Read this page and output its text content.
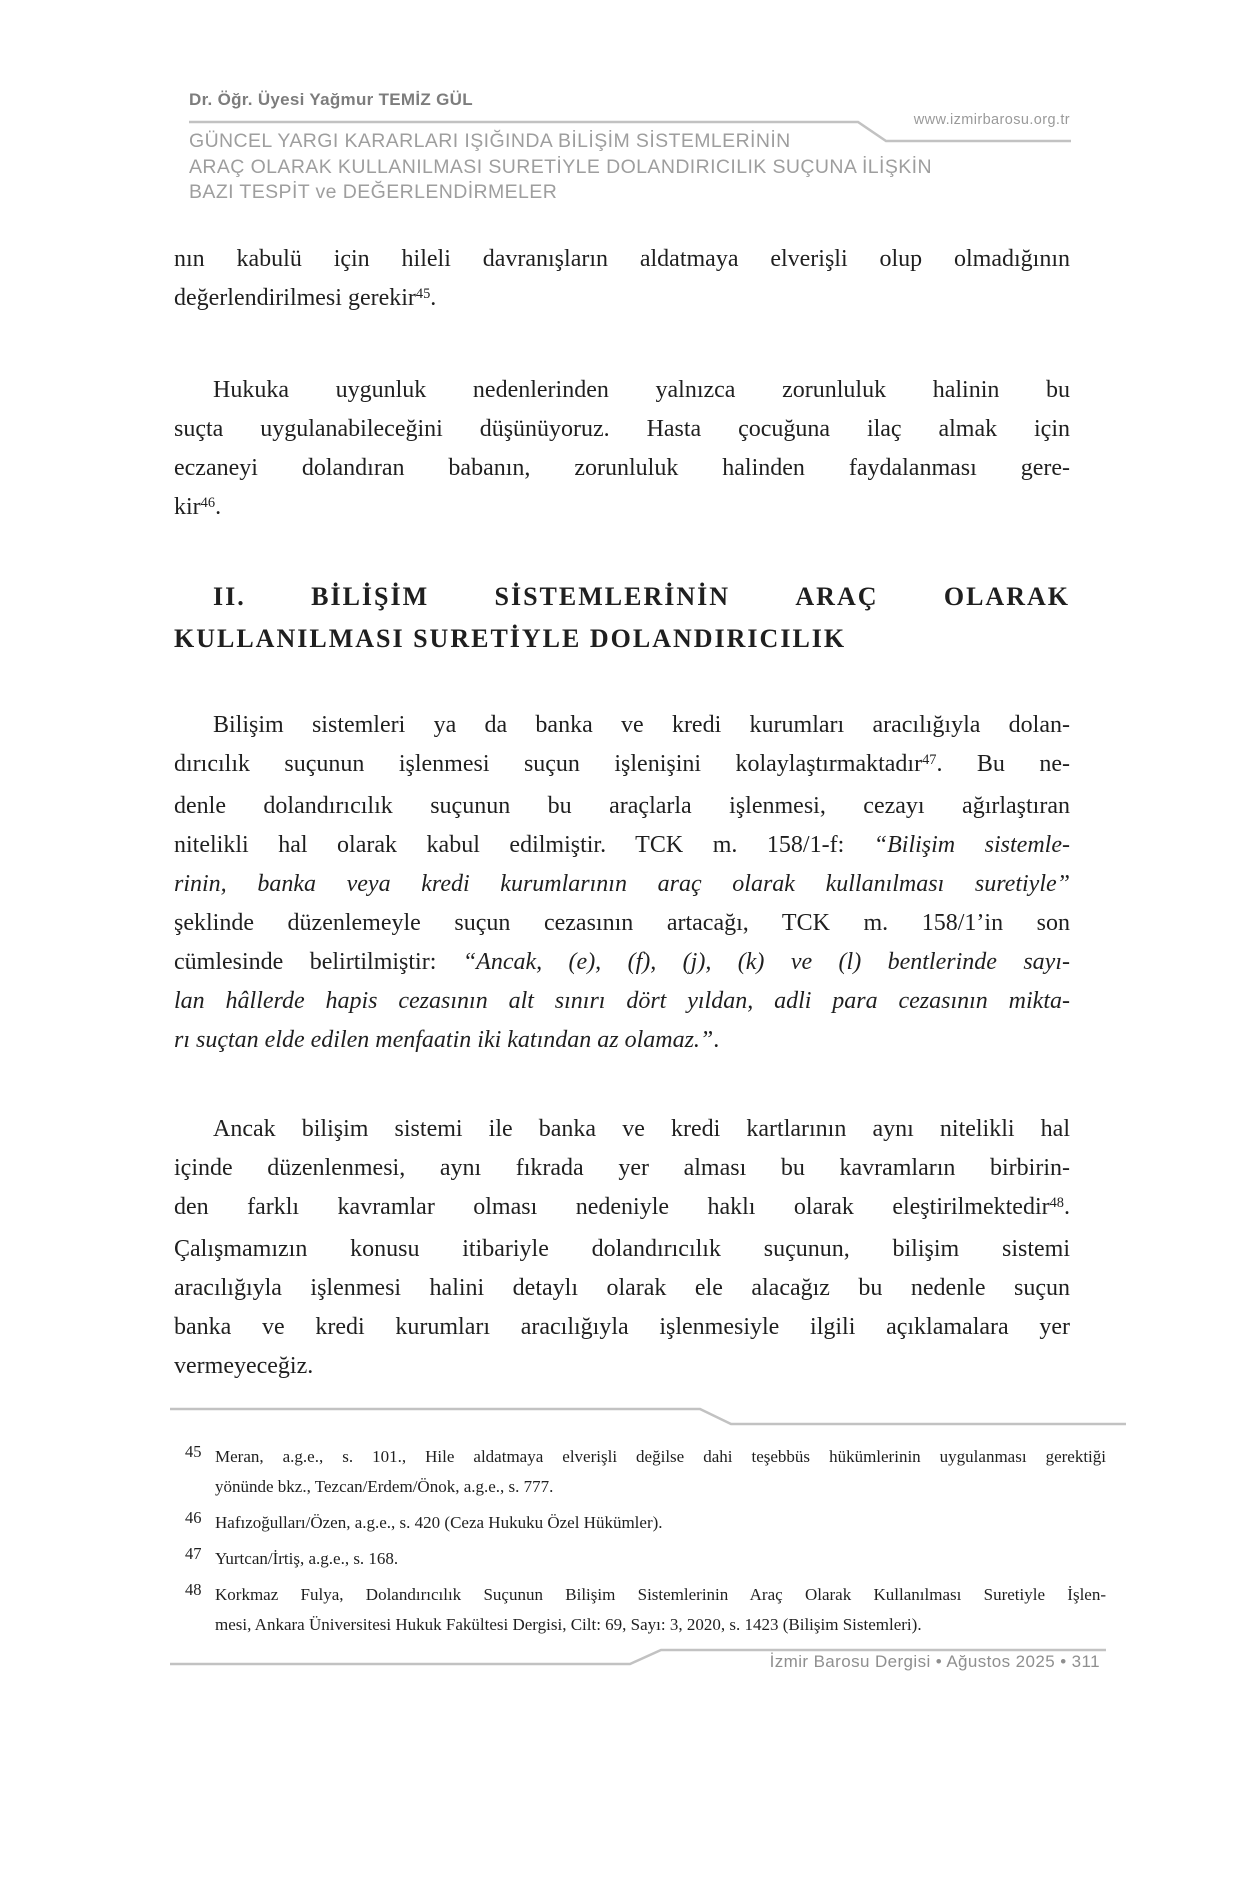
Dr. Öğr. Üyesi Yağmur TEMİZ GÜL
www.izmirbarosu.org.tr
GÜNCEL YARGI KARARLARI IŞIĞINDA BİLİŞİM SİSTEMLERİNİN
ARAÇ OLARAK KULLANILMASI SURETİYLE DOLANDIRICILIK SUÇUNA İLİŞKİN
BAZI TESPİT ve DEĞERLENDİRMELER
nın kabulü için hileli davranışların aldatmaya elverişli olup olmadığının
değerlendirilmesi gerekir$^{45}$.
Hukuka uygunluk nedenlerinden yalnızca zorunluluk halinin bu
suçta uygulanabileceğini düşünüyoruz. Hasta çocuğuna ilaç almak için
eczaneyi dolandıran babanın, zorunluluk halinden faydalanması gere-
kir$^{46}$.
II.	BİLİŞİM	SİSTEMLERİNİN	ARAÇ	OLARAK
KULLANILMASI SURETİYLE DOLANDIRICILIK
Bilişim sistemleri ya da banka ve kredi kurumları aracılığıyla dolan-
dırıcılık suçunun işlenmesi suçun işlenişini kolaylaştırmaktadır$^{47}$. Bu ne-
denle dolandırıcılık suçunun bu araçlarla işlenmesi, cezayı ağırlaştıran
nitelikli hal olarak kabul edilmiştir. TCK m. 158/1-f: “Bilişim sistemle-
rinin, banka veya kredi kurumlarının araç olarak kullanılması suretiyle”
şeklinde düzenlemeyle suçun cezasının artacağı, TCK m. 158/1’in son
cümlesinde belirtilmiştir: “Ancak, (e), (f), (j), (k) ve (l) bentlerinde sayı-
lan hâllerde hapis cezasının alt sınırı dört yıldan, adli para cezasının mikta-
rı suçtan elde edilen menfaatin iki katından az olamaz.”.
Ancak bilişim sistemi ile banka ve kredi kartlarının aynı nitelikli hal
içinde düzenlenmesi, aynı fıkrada yer alması bu kavramların birbirin-
den farklı kavramlar olması nedeniyle haklı olarak eleştirilmektedir$^{48}$.
Çalışmamızın konusu itibariyle dolandırıcılık suçunun, bilişim sistemi
aracılığıyla işlenmesi halini detaylı olarak ele alacağız bu nedenle suçun
banka ve kredi kurumları aracılığıyla işlenmesiyle ilgili açıklamalara yer
vermeyeceğiz.
45 Meran, a.g.e., s. 101., Hile aldatmaya elverişli değilse dahi teşebbüs hükümlerinin uygulanması gerektiği
yönünde bkz., Tezcan/Erdem/Önok, a.g.e., s. 777.
46 Hafızoğulları/Özen, a.g.e., s. 420 (Ceza Hukuku Özel Hükümler).
47 Yurtcan/İrtiş, a.g.e., s. 168.
48 Korkmaz Fulya, Dolandırıcılık Suçunun Bilişim Sistemlerinin Araç Olarak Kullanılması Suretiyle İşlen-
mesi, Ankara Üniversitesi Hukuk Fakültesi Dergisi, Cilt: 69, Sayı: 3, 2020, s. 1423 (Bilişim Sistemleri).
İzmir Barosu Dergisi • Ağustos 2025 • 311
